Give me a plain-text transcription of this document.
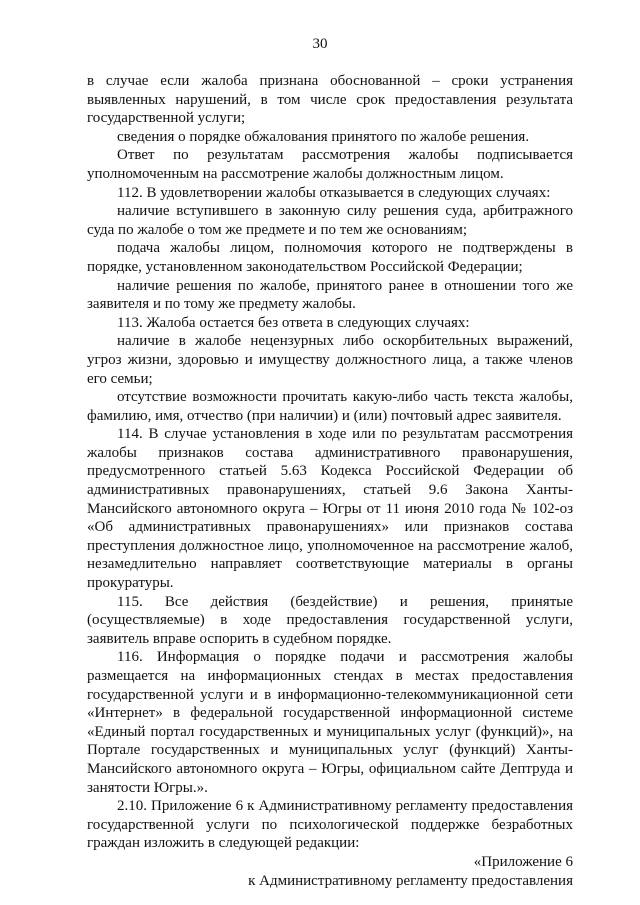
30

в случае если жалоба признана обоснованной – сроки устранения выявленных нарушений, в том числе срок предоставления результата государственной услуги;

сведения о порядке обжалования принятого по жалобе решения.

Ответ по результатам рассмотрения жалобы подписывается уполномоченным на рассмотрение жалобы должностным лицом.

112. В удовлетворении жалобы отказывается в следующих случаях:

наличие вступившего в законную силу решения суда, арбитражного суда по жалобе о том же предмете и по тем же основаниям;

подача жалобы лицом, полномочия которого не подтверждены в порядке, установленном законодательством Российской Федерации;

наличие решения по жалобе, принятого ранее в отношении того же заявителя и по тому же предмету жалобы.

113. Жалоба остается без ответа в следующих случаях:

наличие в жалобе нецензурных либо оскорбительных выражений, угроз жизни, здоровью и имуществу должностного лица, а также членов его семьи;

отсутствие возможности прочитать какую-либо часть текста жалобы, фамилию, имя, отчество (при наличии) и (или) почтовый адрес заявителя.

114. В случае установления в ходе или по результатам рассмотрения жалобы признаков состава административного правонарушения, предусмотренного статьей 5.63 Кодекса Российской Федерации об административных правонарушениях, статьей 9.6 Закона Ханты-Мансийского автономного округа – Югры от 11 июня 2010 года № 102-оз «Об административных правонарушениях» или признаков состава преступления должностное лицо, уполномоченное на рассмотрение жалоб, незамедлительно направляет соответствующие материалы в органы прокуратуры.

115. Все действия (бездействие) и решения, принятые (осуществляемые) в ходе предоставления государственной услуги, заявитель вправе оспорить в судебном порядке.

116. Информация о порядке подачи и рассмотрения жалобы размещается на информационных стендах в местах предоставления государственной услуги и в информационно-телекоммуникационной сети «Интернет» в федеральной государственной информационной системе «Единый портал государственных и муниципальных услуг (функций)», на Портале государственных и муниципальных услуг (функций) Ханты-Мансийского автономного округа – Югры, официальном сайте Дептруда и занятости Югры.».

2.10. Приложение 6 к Административному регламенту предоставления государственной услуги по психологической поддержке безработных граждан изложить в следующей редакции:

«Приложение 6

к Административному регламенту предоставления
